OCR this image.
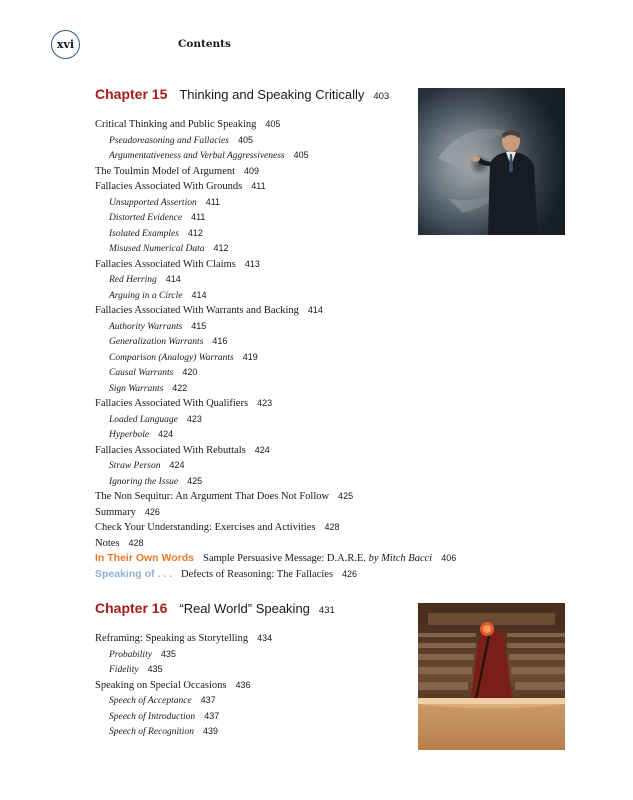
xvi	Contents
Chapter 15 Thinking and Speaking Critically 403
Critical Thinking and Public Speaking 405
Pseudoreasoning and Fallacies 405
Argumentativeness and Verbal Aggressiveness 405
The Toulmin Model of Argument 409
Fallacies Associated With Grounds 411
Unsupported Assertion 411
Distorted Evidence 411
Isolated Examples 412
Misused Numerical Data 412
Fallacies Associated With Claims 413
Red Herring 414
Arguing in a Circle 414
Fallacies Associated With Warrants and Backing 414
Authority Warrants 415
Generalization Warrants 416
Comparison (Analogy) Warrants 419
Causal Warrants 420
Sign Warrants 422
Fallacies Associated With Qualifiers 423
Loaded Language 423
Hyperbole 424
Fallacies Associated With Rebuttals 424
Straw Person 424
Ignoring the Issue 425
The Non Sequitur: An Argument That Does Not Follow 425
Summary 426
Check Your Understanding: Exercises and Activities 428
Notes 428
In Their Own Words Sample Persuasive Message: D.A.R.E. by Mitch Bacci 406
Speaking of . . . Defects of Reasoning: The Fallacies 426
Chapter 16 “Real World” Speaking 431
Reframing: Speaking as Storytelling 434
Probability 435
Fidelity 435
Speaking on Special Occasions 436
Speech of Acceptance 437
Speech of Introduction 437
Speech of Recognition 439
